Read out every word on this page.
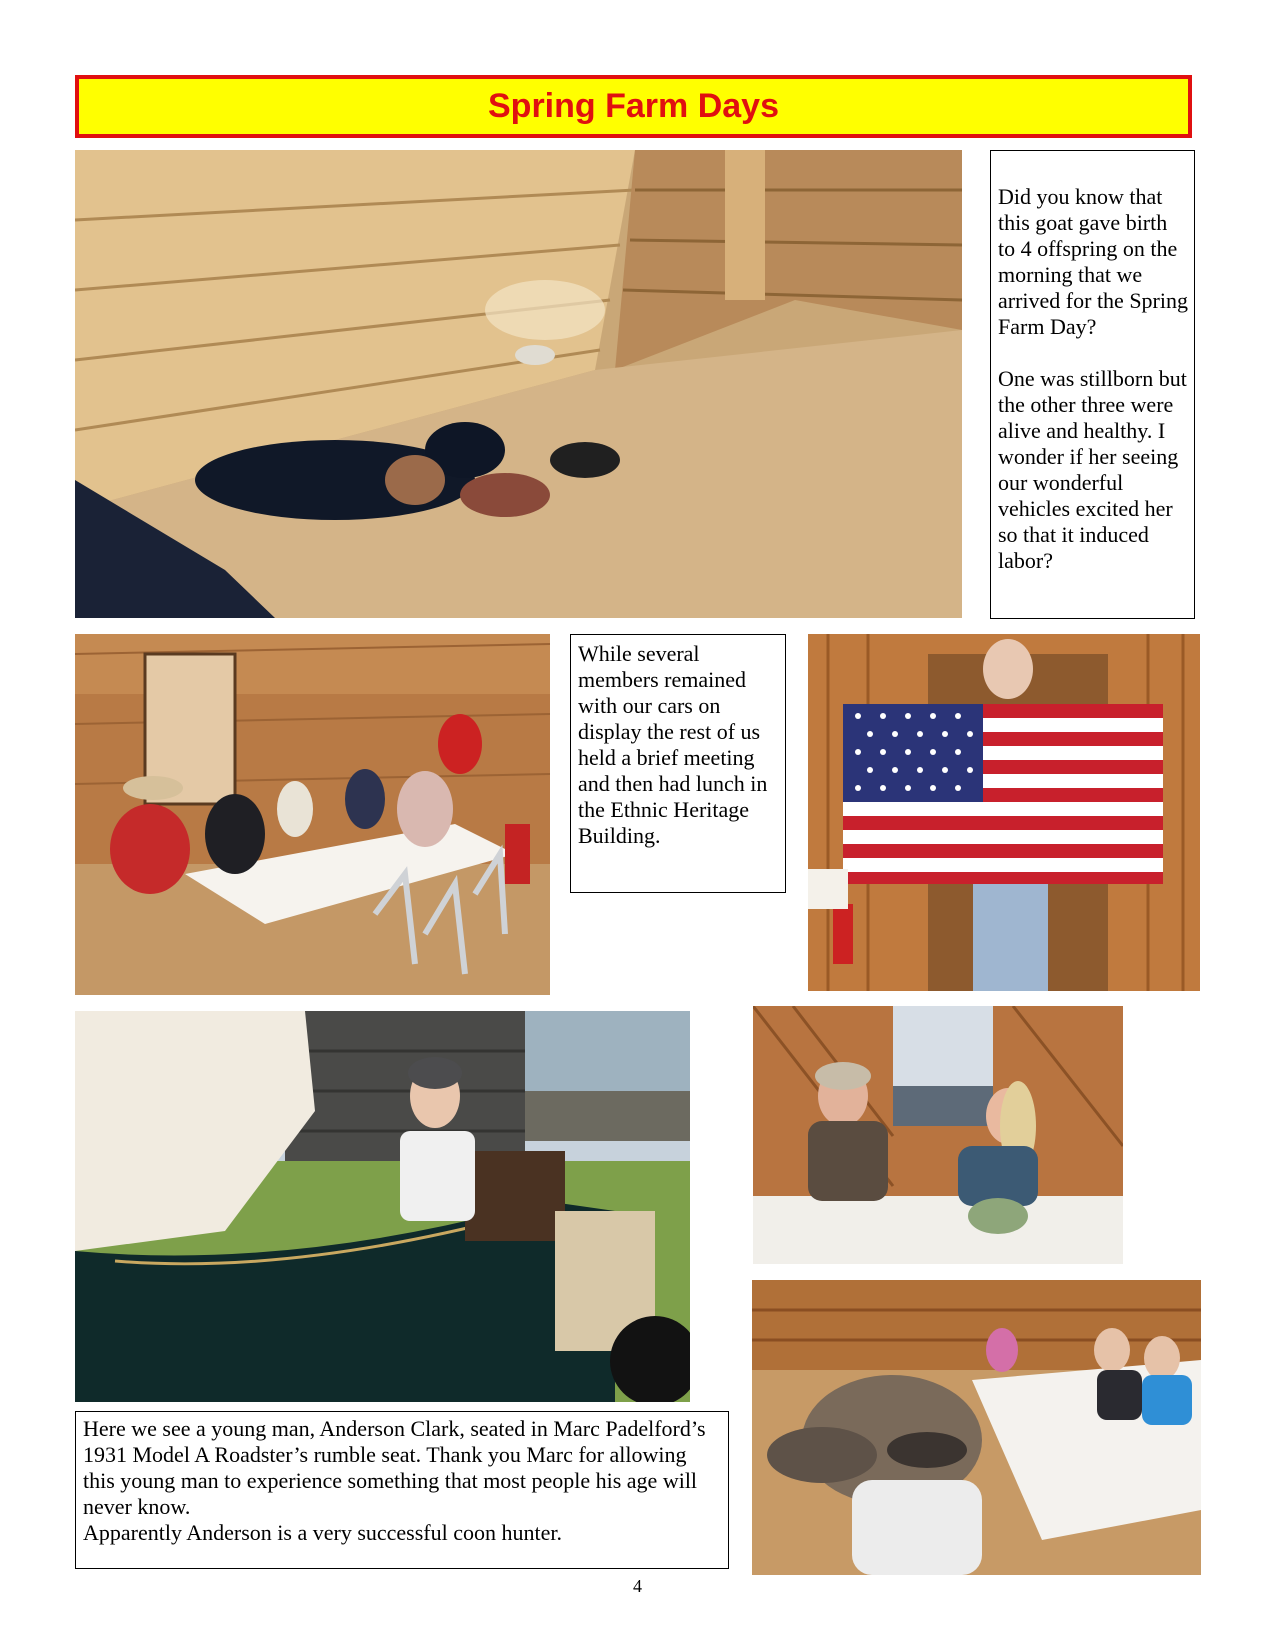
Spring Farm Days

Did you know that this goat gave birth to 4 offspring on the morning that we arrived for the Spring Farm Day?

One was stillborn but the other three were alive and healthy. I wonder if her seeing our wonderful vehicles excited her so that it induced labor?

While several members remained with our cars on display the rest of us held a brief meeting and then had lunch in the Ethnic Heritage Building.

Here we see a young man, Anderson Clark, seated in Marc Padelford’s 1931 Model A Roadster’s rumble seat. Thank you Marc for allowing this young man to experience something that most people his age will never know.

Apparently Anderson is a very successful coon hunter.

4
